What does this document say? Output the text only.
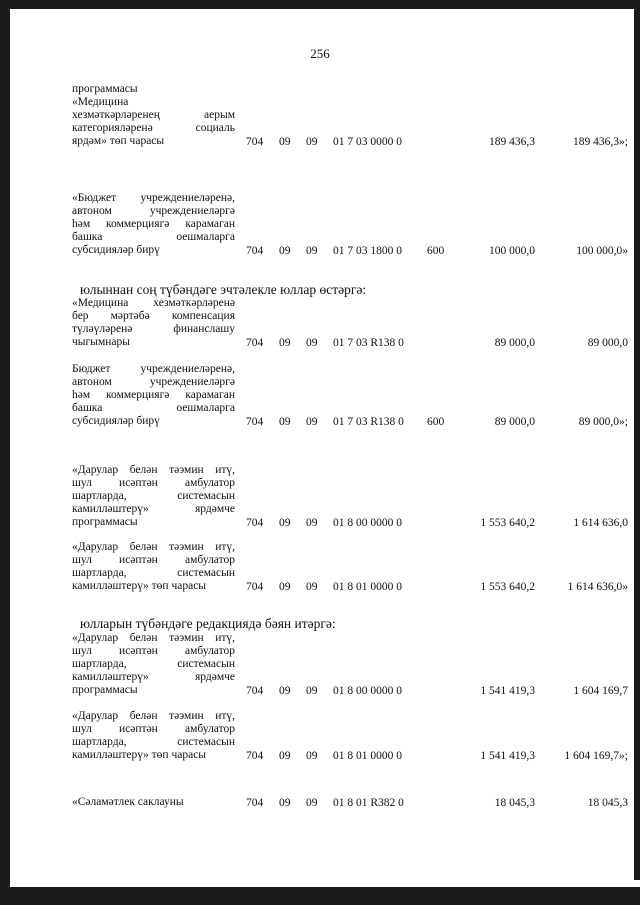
256
программасы
«Медицина
хезмәткәрләренең аерым
категорияләренә социаль
ярдәм» төп чарасы	704 09 09 01 7 03 0000 0	189 436,3	189 436,3»;
«Бюджет учреждениеләренә,
автоном учреждениеләргә
һәм коммерциягә карамаган
башка оешмаларга
субсидияләр бирү	704 09 09 01 7 03 1800 0 600	100 000,0	100 000,0»
«Медицина хезмәткәрләренә
бер мәртәбә компенсация
түләүләренә финанслашу
чыгымнары	704 09 09 01 7 03 R138 0	89 000,0	89 000,0
Бюджет учреждениеләренә,
автоном учреждениеләргә
һәм коммерциягә карамаган
башка оешмаларга
субсидияләр бирү	704 09 09 01 7 03 R138 0 600	89 000,0	89 000,0»;
«Дарулар белән тәэмин итү,
шул исәптән амбулатор
шартларда, системасын
камилләштерү» ярдәмче
программасы	704 09 09 01 8 00 0000 0	1 553 640,2	1 614 636,0
«Дарулар белән тәэмин итү,
шул исәптән амбулатор
шартларда, системасын
камилләштерү» төп чарасы	704 09 09 01 8 01 0000 0	1 553 640,2	1 614 636,0»
«Дарулар белән тәэмин итү,
шул исәптән амбулатор
шартларда, системасын
камилләштерү» ярдәмче
программасы	704 09 09 01 8 00 0000 0	1 541 419,3	1 604 169,7
«Дарулар белән тәэмин итү,
шул исәптән амбулатор
шартларда, системасын
камилләштерү» төп чарасы	704 09 09 01 8 01 0000 0	1 541 419,3	1 604 169,7»;
«Сәламәтлек саклауны	704 09 09 01 8 01 R382 0	18 045,3	18 045,3
юлыннан соң түбәндәге эчтәлекле юллар өстәргә:
юлларын түбәндәге редакциядә бәян итәргә:
